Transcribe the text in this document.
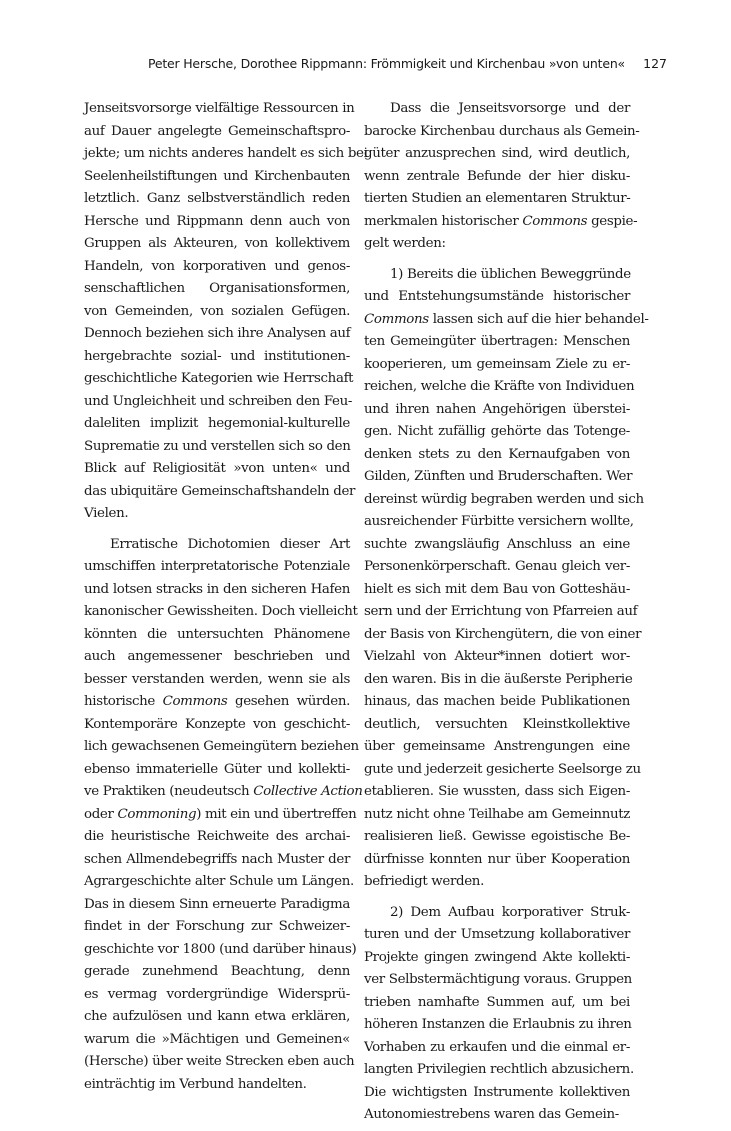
Peter Hersche, Dorothee Rippmann: Frömmigkeit und Kirchenbau »von unten« 127
Jenseitsvorsorge vielfältige Ressourcen in
auf Dauer angelegte Gemeinschaftspro-
jekte; um nichts anderes handelt es sich bei
Seelenheilstiftungen und Kirchenbauten
letztlich. Ganz selbstverständlich reden
Hersche und Rippmann denn auch von
Gruppen als Akteuren, von kollektivem
Handeln, von korporativen und genos-
senschaftlichen Organisationsformen,
von Gemeinden, von sozialen Gefügen.
Dennoch beziehen sich ihre Analysen auf
hergebrachte sozial- und institutionen-
geschichtliche Kategorien wie Herrschaft
und Ungleichheit und schreiben den Feu-
daleliten implizit hegemonial-kulturelle
Suprematie zu und verstellen sich so den
Blick auf Religiosität »von unten« und
das ubiquitäre Gemeinschaftshandeln der
Vielen.
Erratische Dichotomien dieser Art
umschiffen interpretatorische Potenziale
und lotsen stracks in den sicheren Hafen
kanonischer Gewissheiten. Doch vielleicht
könnten die untersuchten Phänomene
auch angemessener beschrieben und
besser verstanden werden, wenn sie als
historische Commons gesehen würden.
Kontemporäre Konzepte von geschicht-
lich gewachsenen Gemeingütern beziehen
ebenso immaterielle Güter und kollekti-
ve Praktiken (neudeutsch Collective Action
oder Commoning) mit ein und übertreffen
die heuristische Reichweite des archai-
schen Allmendebegriffs nach Muster der
Agrargeschichte alter Schule um Längen.
Das in diesem Sinn erneuerte Paradigma
findet in der Forschung zur Schweizer-
geschichte vor 1800 (und darüber hinaus)
gerade zunehmend Beachtung, denn
es vermag vordergründige Widersprü-
che aufzulösen und kann etwa erklären,
warum die »Mächtigen und Gemeinen«
(Hersche) über weite Strecken eben auch
einträchtig im Verbund handelten.
Dass die Jenseitsvorsorge und der
barocke Kirchenbau durchaus als Gemein-
güter anzusprechen sind, wird deutlich,
wenn zentrale Befunde der hier disku-
tierten Studien an elementaren Struktur-
merkmalen historischer Commons gespie-
gelt werden:
1) Bereits die üblichen Beweggründe
und Entstehungsumstände historischer
Commons lassen sich auf die hier behandel-
ten Gemeingüter übertragen: Menschen
kooperieren, um gemeinsam Ziele zu er-
reichen, welche die Kräfte von Individuen
und ihren nahen Angehörigen überstei-
gen. Nicht zufällig gehörte das Totenge-
denken stets zu den Kernaufgaben von
Gilden, Zünften und Bruderschaften. Wer
dereinst würdig begraben werden und sich
ausreichender Fürbitte versichern wollte,
suchte zwangsläufig Anschluss an eine
Personenkörperschaft. Genau gleich ver-
hielt es sich mit dem Bau von Gotteshäu-
sern und der Errichtung von Pfarreien auf
der Basis von Kirchengütern, die von einer
Vielzahl von Akteur*innen dotiert wor-
den waren. Bis in die äußerste Peripherie
hinaus, das machen beide Publikationen
deutlich, versuchten Kleinstkollektive
über gemeinsame Anstrengungen eine
gute und jederzeit gesicherte Seelsorge zu
etablieren. Sie wussten, dass sich Eigen-
nutz nicht ohne Teilhabe am Gemeinnutz
realisieren ließ. Gewisse egoistische Be-
dürfnisse konnten nur über Kooperation
befriedigt werden.
2) Dem Aufbau korporativer Struk-
turen und der Umsetzung kollaborativer
Projekte gingen zwingend Akte kollekti-
ver Selbstermächtigung voraus. Gruppen
trieben namhafte Summen auf, um bei
höheren Instanzen die Erlaubnis zu ihren
Vorhaben zu erkaufen und die einmal er-
langten Privilegien rechtlich abzusichern.
Die wichtigsten Instrumente kollektiven
Autonomiestrebens waren das Gemein-
